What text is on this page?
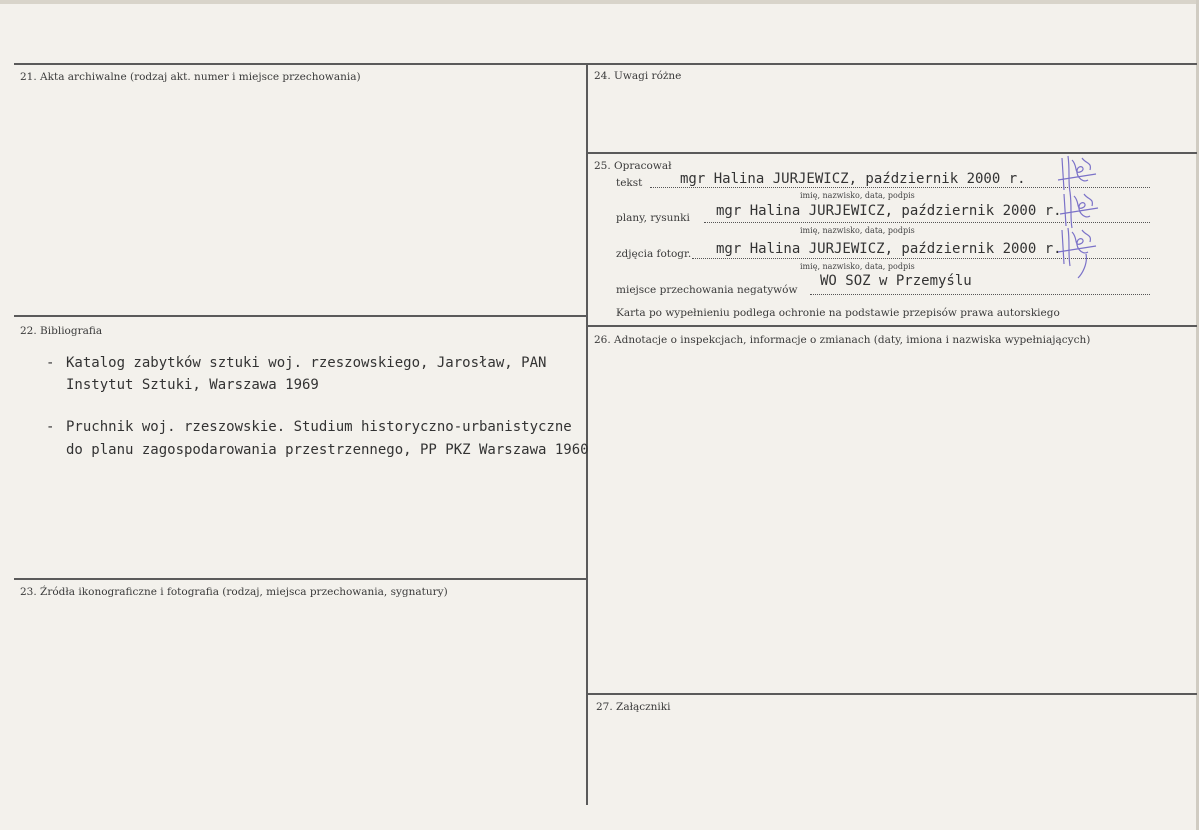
21. Akta archiwalne (rodzaj akt. numer i miejsce przechowania)
22. Bibliografia
- Katalog zabytków sztuki woj. rzeszowskiego, Jarosław, PAN
Instytut Sztuki, Warszawa 1969
- Pruchnik woj. rzeszowskie. Studium historyczno-urbanistyczne
do planu zagospodarowania przestrzennego, PP PKZ Warszawa 1960
23. Źródła ikonograficzne i fotografia (rodzaj, miejsca przechowania, sygnatury)
24. Uwagi różne
25. Opracował
tekst	mgr Halina JURJEWICZ, październik 2000 r.
imię, nazwisko, data, podpis
plany, rysunki mgr Halina JURJEWICZ, październik 2000 r.
imię, nazwisko, data, podpis
zdjęcia fotogr. mgr Halina JURJEWICZ, październik 2000 r.
imię, nazwisko, data, podpis
miejsce przechowania negatywów
WO SOZ w Przemyślu
Karta po wypełnieniu podlega ochronie na podstawie przepisów prawa autorskiego
26. Adnotacje o inspekcjach, informacje o zmianach (daty, imiona i nazwiska wypełniających)
27. Załączniki
